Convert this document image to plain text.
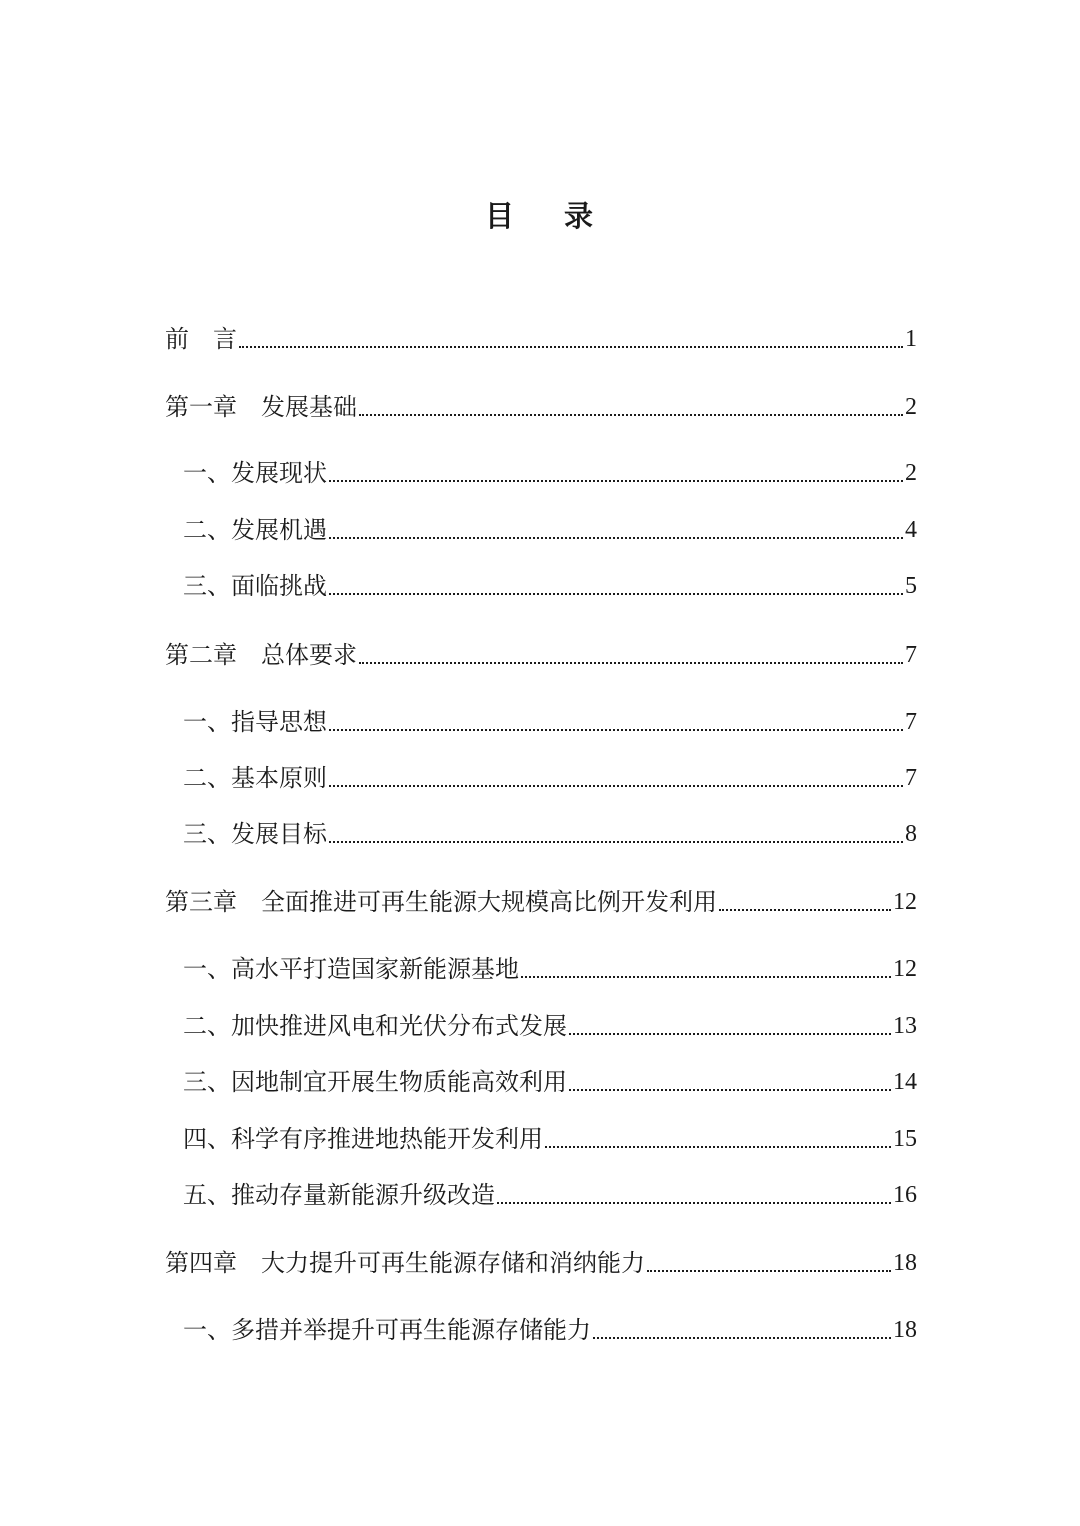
目 录
前　言	1
第一章　发展基础	2
一、发展现状	2
二、发展机遇	4
三、面临挑战	5
第二章　总体要求	7
一、指导思想	7
二、基本原则	7
三、发展目标	8
第三章　全面推进可再生能源大规模高比例开发利用	12
一、高水平打造国家新能源基地	12
二、加快推进风电和光伏分布式发展	13
三、因地制宜开展生物质能高效利用	14
四、科学有序推进地热能开发利用	15
五、推动存量新能源升级改造	16
第四章　大力提升可再生能源存储和消纳能力	18
一、多措并举提升可再生能源存储能力	18
